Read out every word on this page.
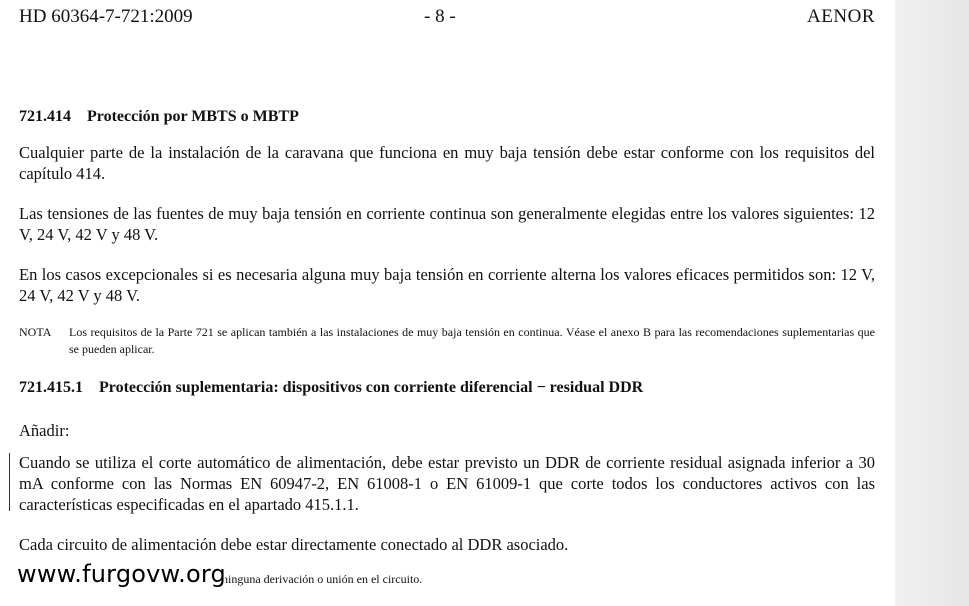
HD 60364-7-721:2009	- 8 -	AENOR
721.414 Protección por MBTS o MBTP
Cualquier parte de la instalación de la caravana que funciona en muy baja tensión debe estar conforme con los requisitos del capítulo 414.
Las tensiones de las fuentes de muy baja tensión en corriente continua son generalmente elegidas entre los valores siguientes: 12 V, 24 V, 42 V y 48 V.
En los casos excepcionales si es necesaria alguna muy baja tensión en corriente alterna los valores eficaces permitidos son: 12 V, 24 V, 42 V y 48 V.
NOTA Los requisitos de la Parte 721 se aplican también a las instalaciones de muy baja tensión en continua. Véase el anexo B para las recomendaciones suplementarias que se pueden aplicar.
721.415.1 Protección suplementaria: dispositivos con corriente diferencial − residual DDR
Añadir:
Cuando se utiliza el corte automático de alimentación, debe estar previsto un DDR de corriente residual asignada inferior a 30 mA conforme con las Normas EN 60947-2, EN 61008-1 o EN 61009-1 que corte todos los conductores activos con las características especificadas en el apartado 415.1.1.
Cada circuito de alimentación debe estar directamente conectado al DDR asociado.
ninguna derivación o unión en el circuito.
www.furgovw.org
